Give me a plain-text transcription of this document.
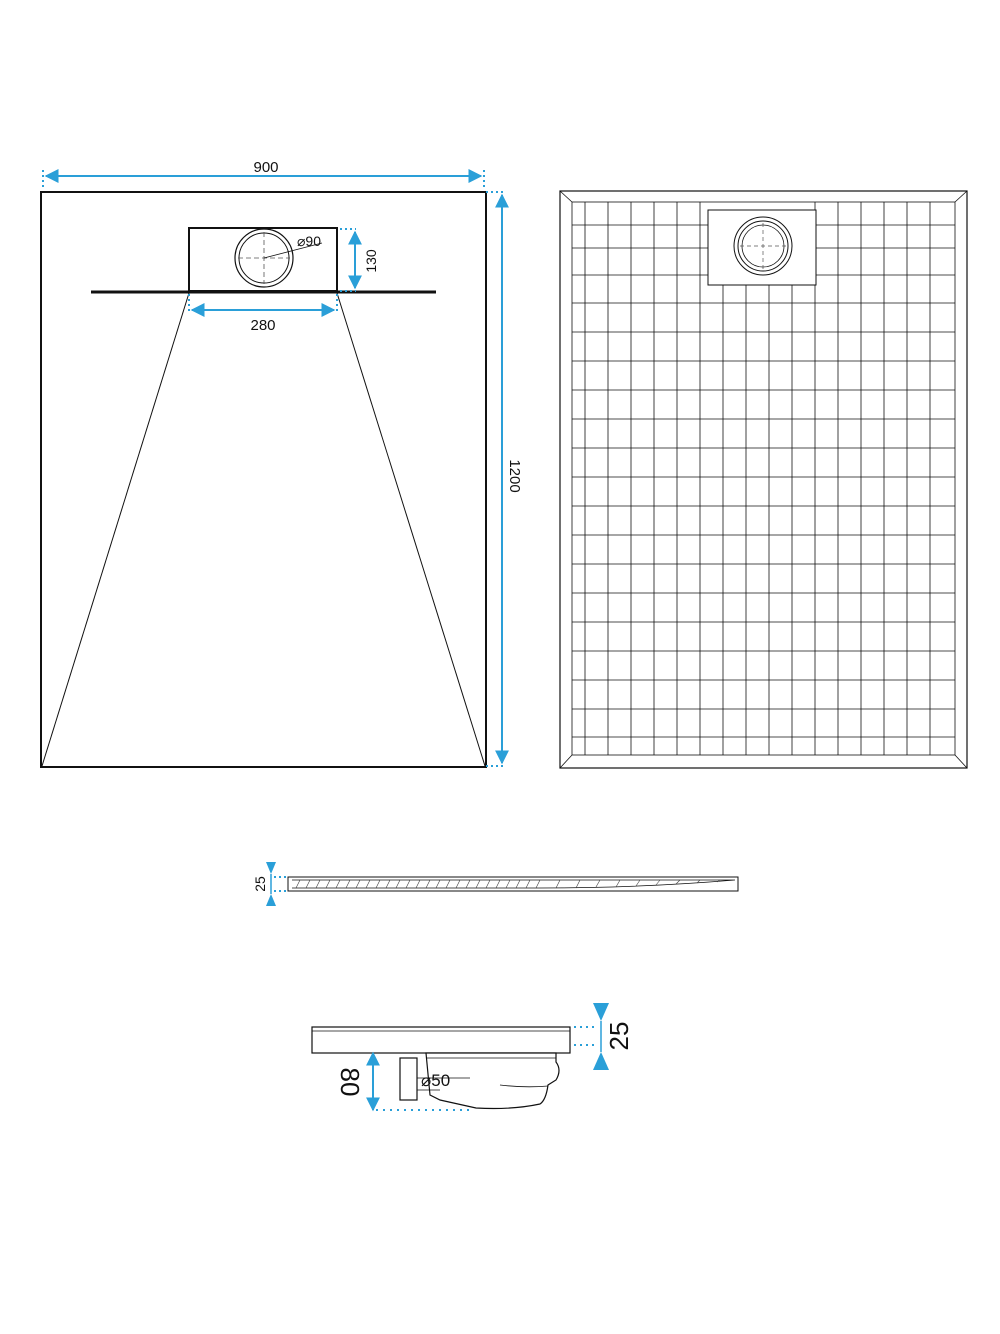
⌀90
900
1200
130
280
25
⌀50
25
80
